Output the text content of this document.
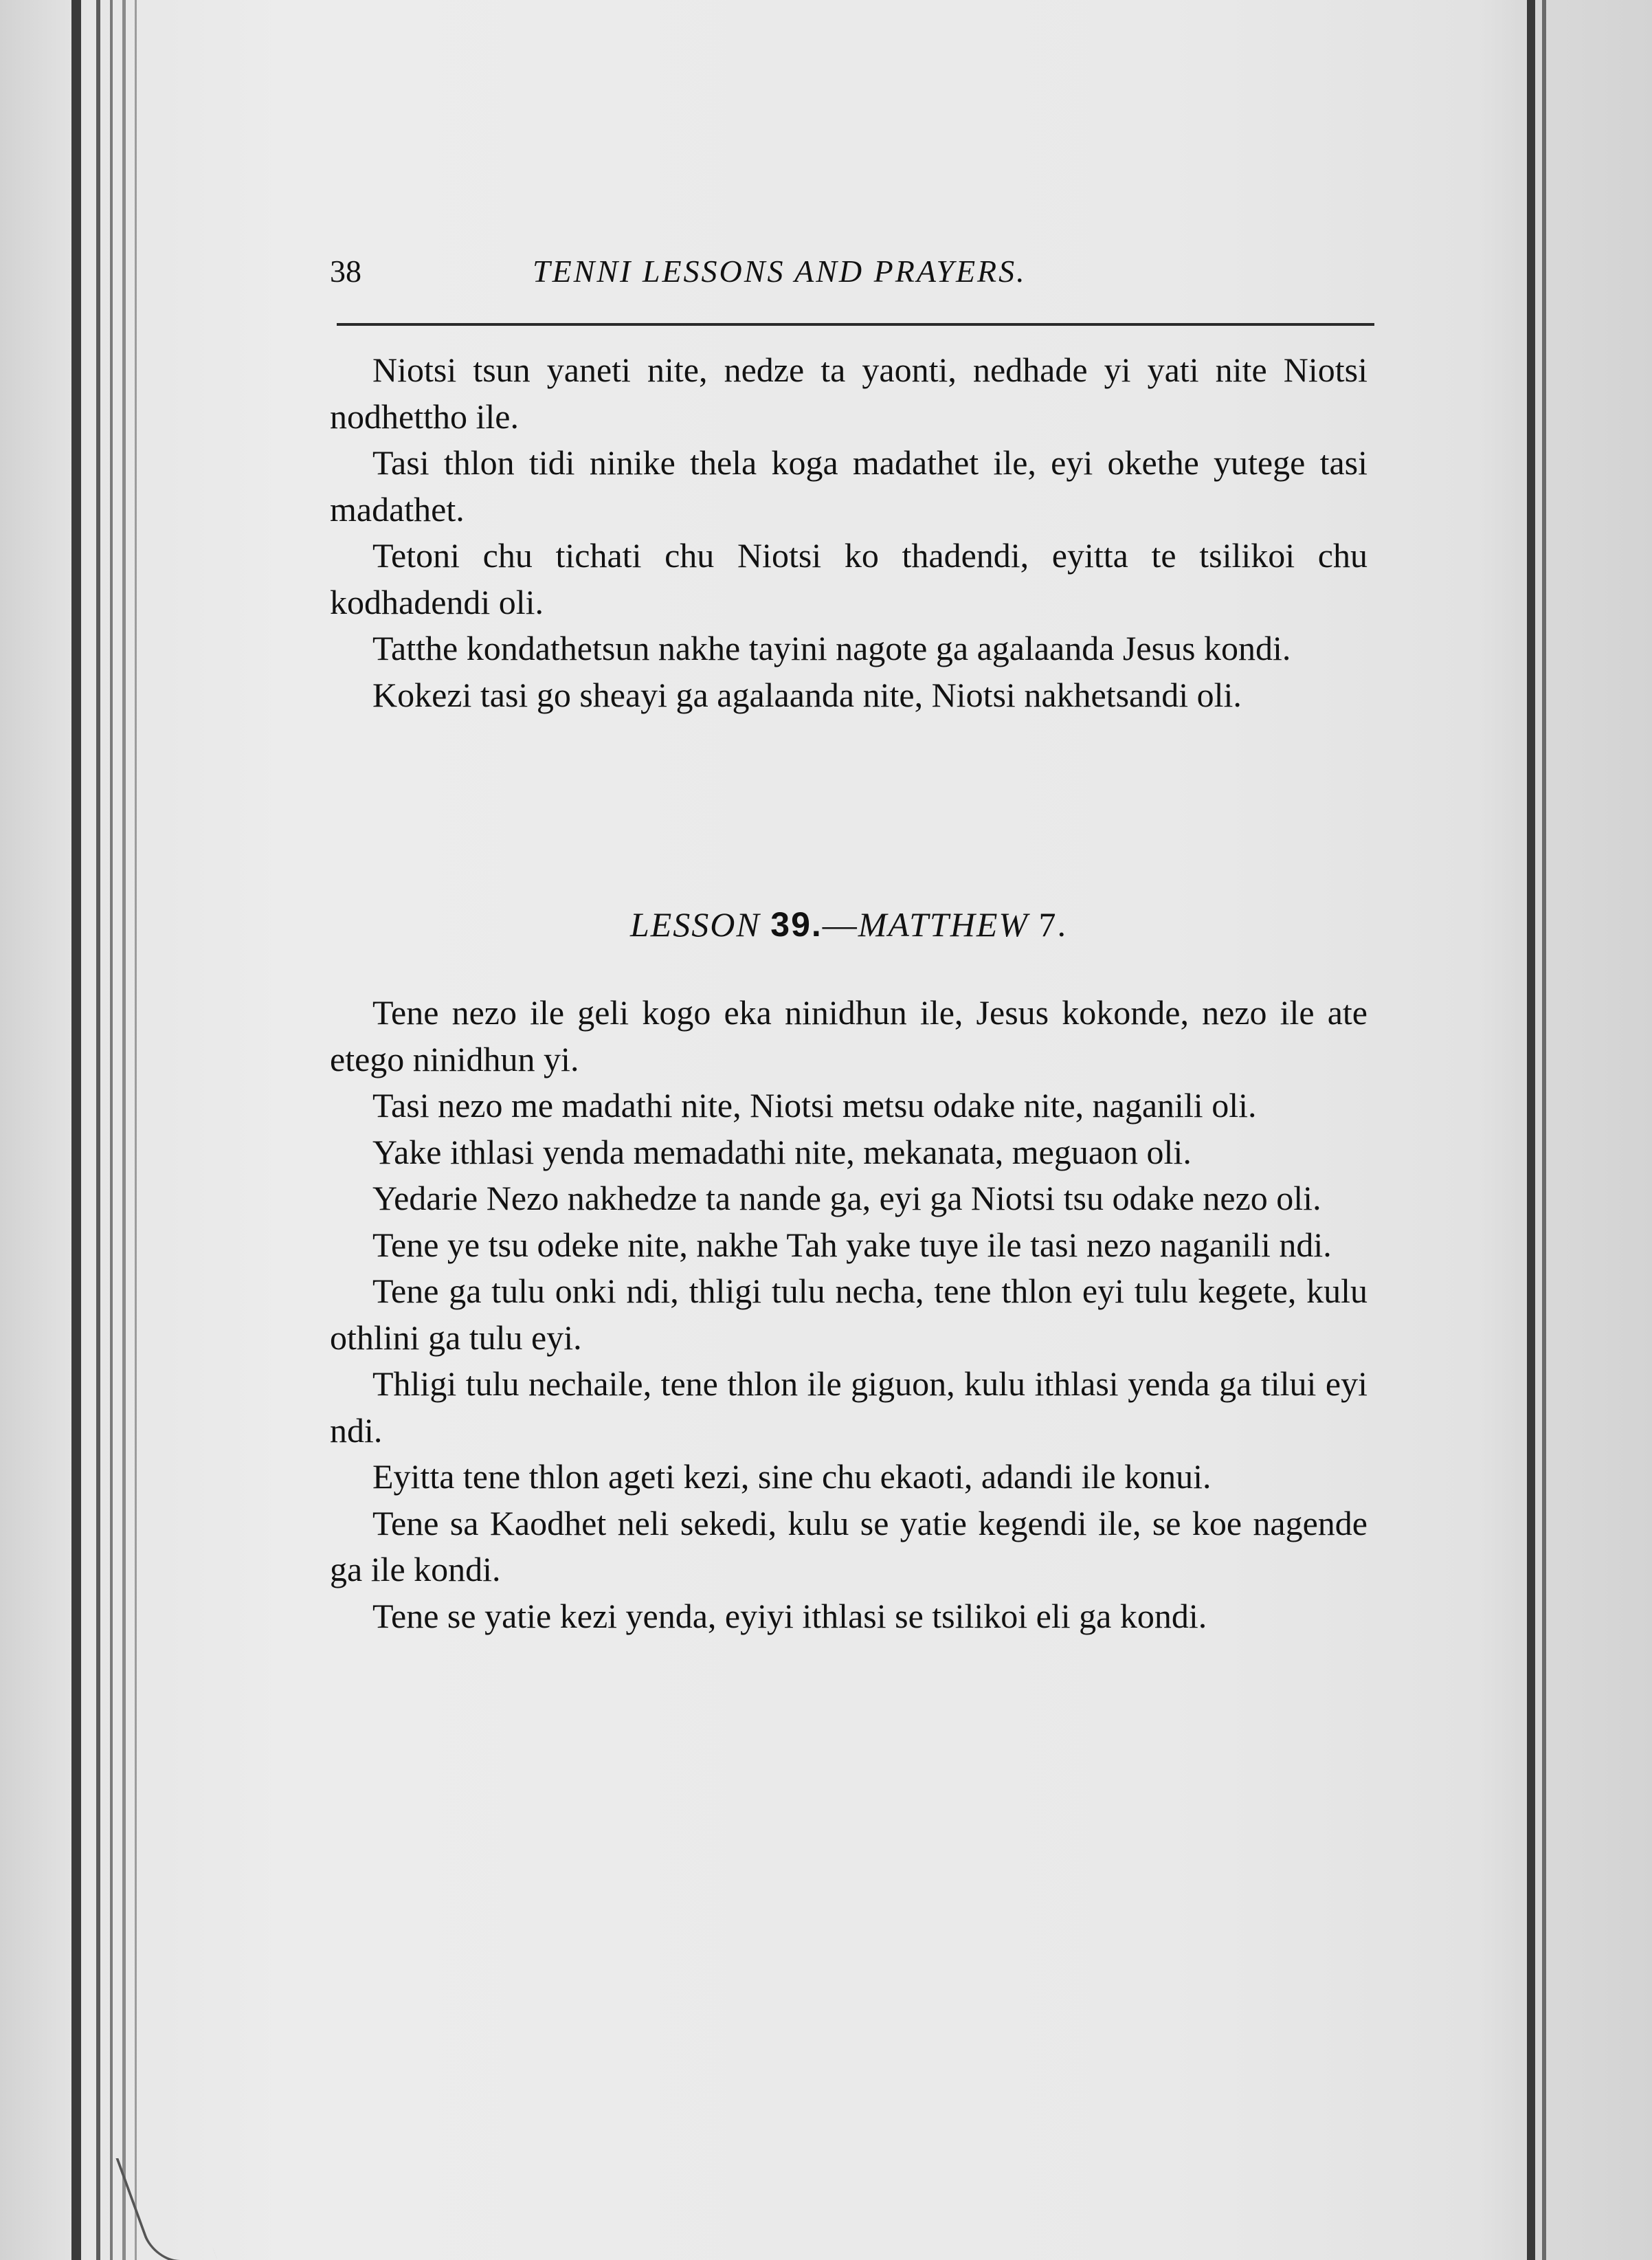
38	TENNI LESSONS AND PRAYERS.

Niotsi tsun yaneti nite, nedze ta yaonti, nedhade yi yati nite Niotsi nodhettho ile.

Tasi thlon tidi ninike thela koga madathet ile, eyi okethe yutege tasi madathet.

Tetoni chu tichati chu Niotsi ko thadendi, eyitta te tsilikoi chu kodhadendi oli.

Tatthe kondathetsun nakhe tayini nagote ga agalaanda Jesus kondi.

Kokezi tasi go sheayi ga agalaanda nite, Niotsi nakhetsandi oli.

LESSON 39.—MATTHEW 7.

Tene nezo ile geli kogo eka ninidhun ile, Jesus kokonde, nezo ile ate etego ninidhun yi.

Tasi nezo me madathi nite, Niotsi metsu odake nite, naganili oli.

Yake ithlasi yenda memadathi nite, mekanata, meguaon oli.

Yedarie Nezo nakhedze ta nande ga, eyi ga Niotsi tsu odake nezo oli.

Tene ye tsu odeke nite, nakhe Tah yake tuye ile tasi nezo naganili ndi.

Tene ga tulu onki ndi, thligi tulu necha, tene thlon eyi tulu kegete, kulu othlini ga tulu eyi.

Thligi tulu nechaile, tene thlon ile giguon, kulu ithlasi yenda ga tilui eyi ndi.

Eyitta tene thlon ageti kezi, sine chu ekaoti, adandi ile konui.

Tene sa Kaodhet neli sekedi, kulu se yatie kegendi ile, se koe nagende ga ile kondi.

Tene se yatie kezi yenda, eyiyi ithlasi se tsilikoi eli ga kondi.
